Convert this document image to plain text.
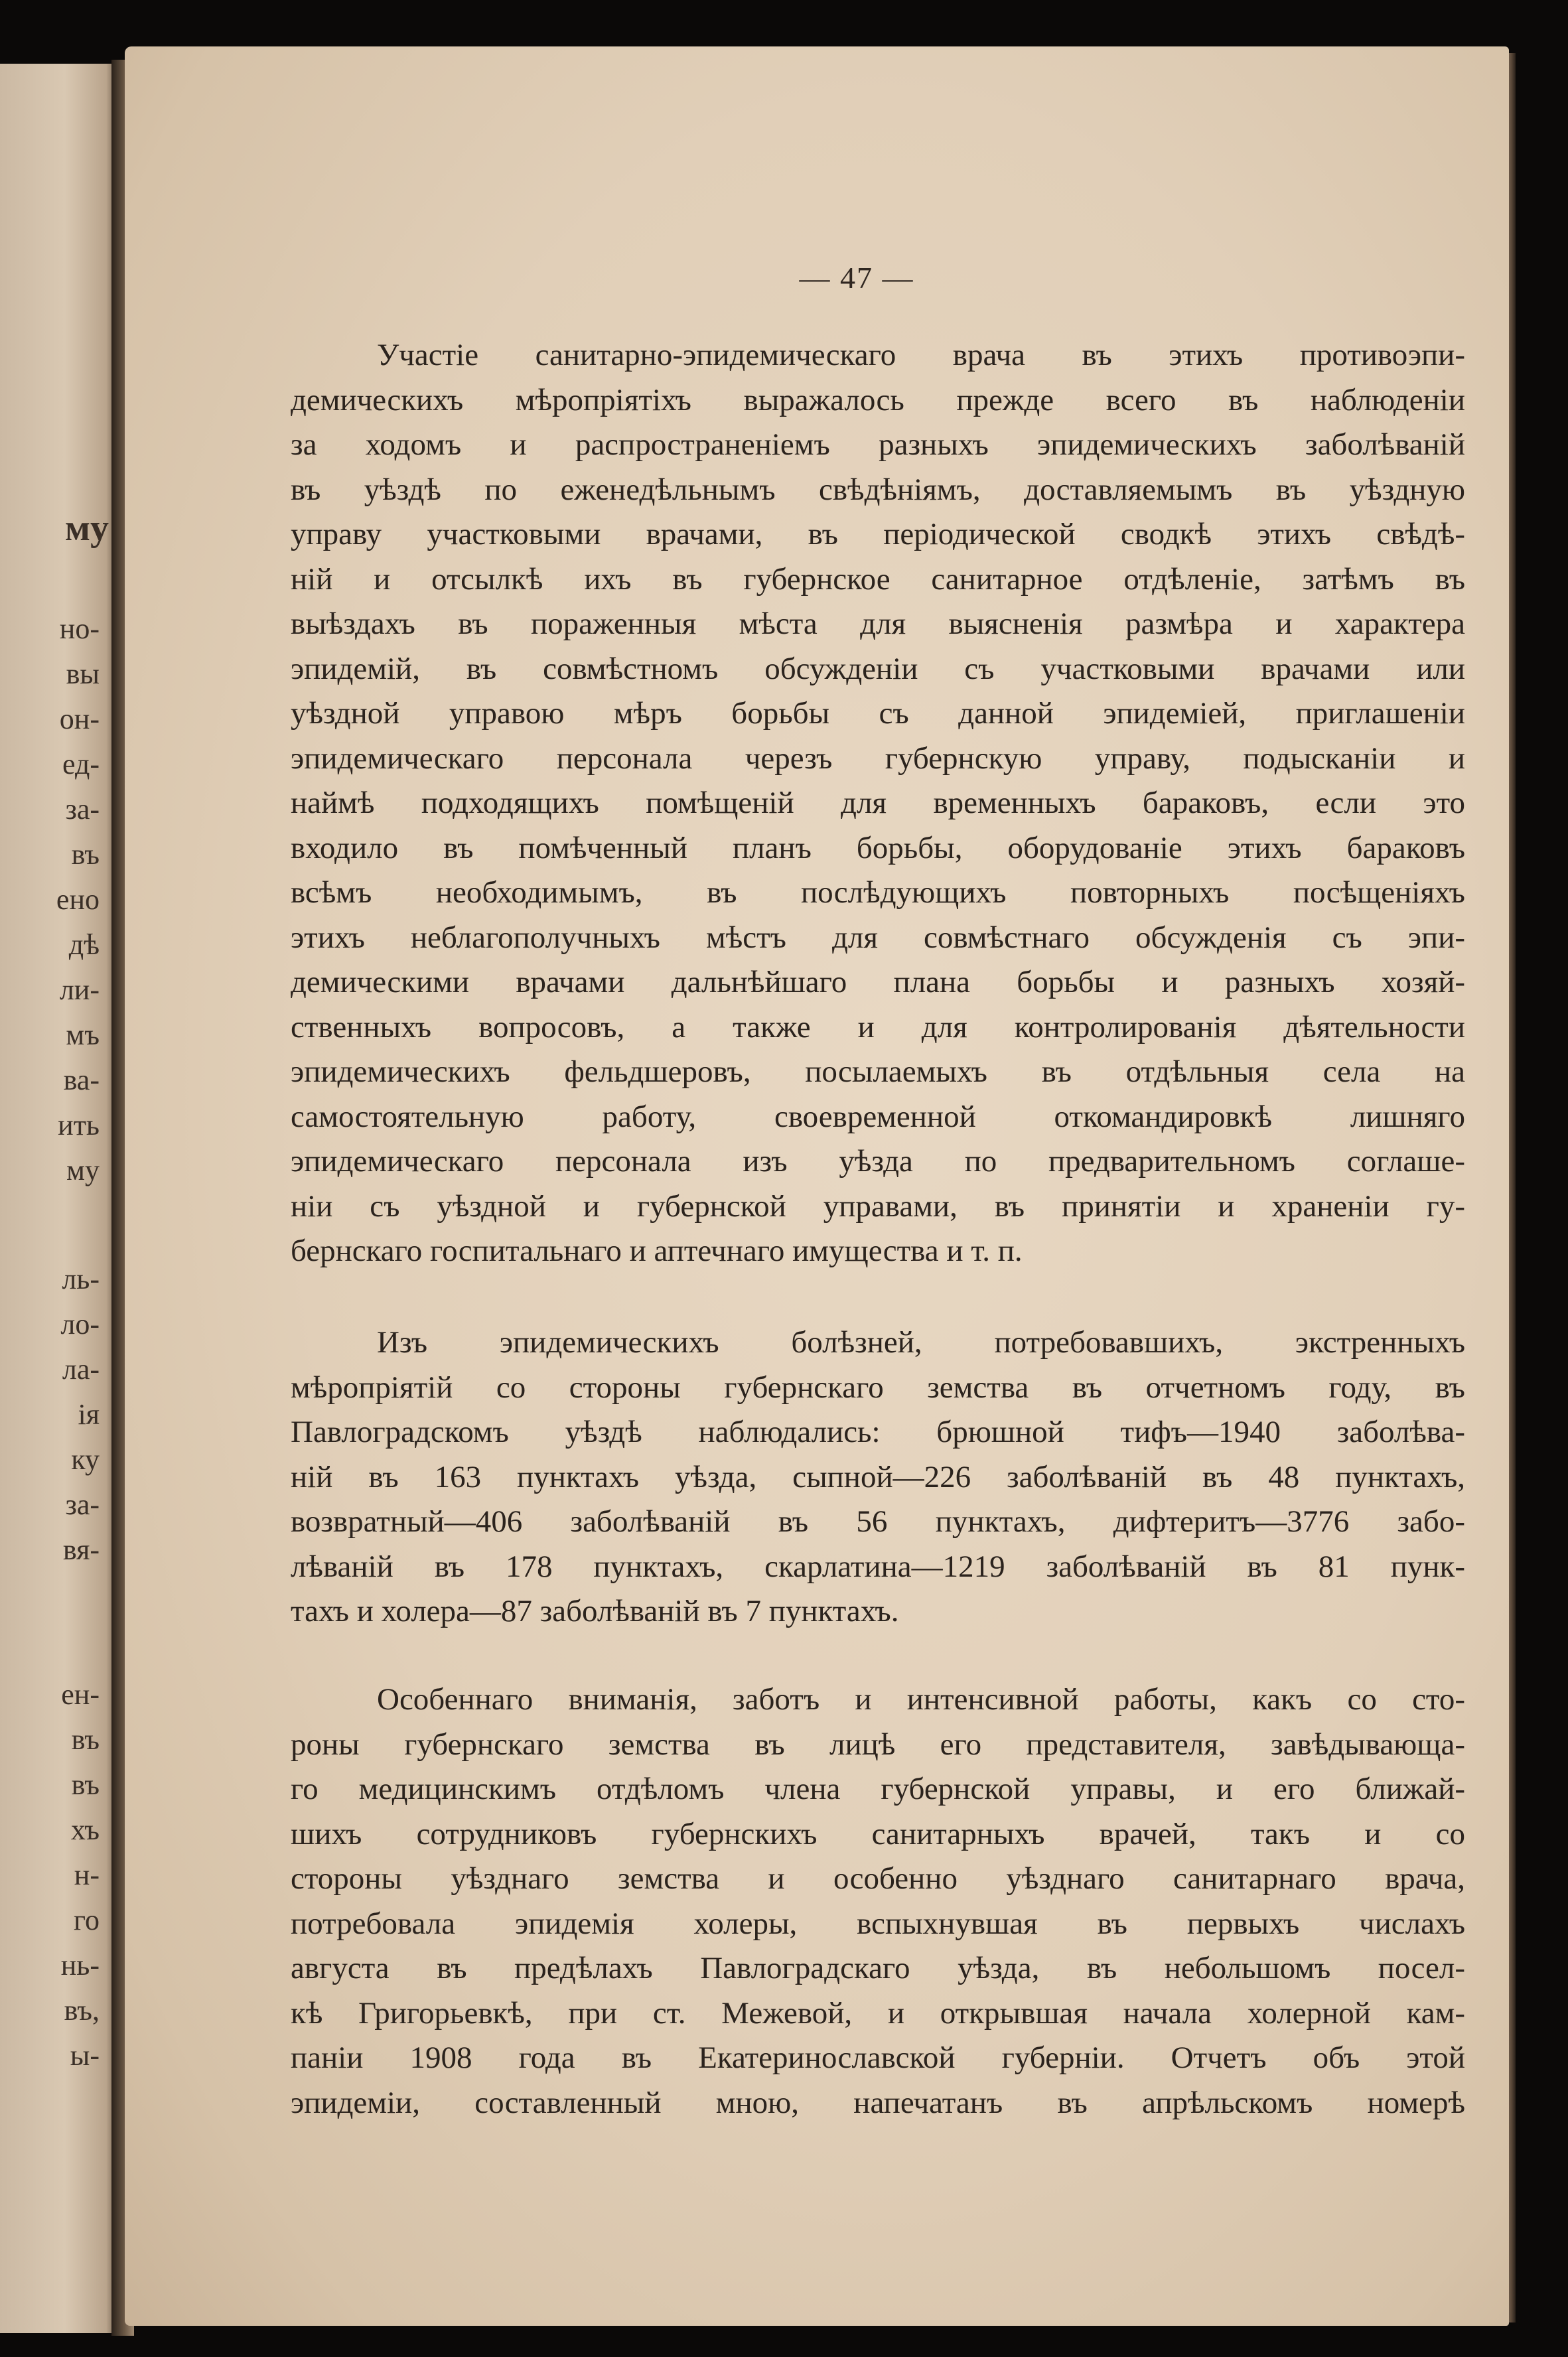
му
но-
вы
он-
ед-
за-
въ
ено
дѣ
ли-
мъ
ва-
ить
му
ль-
ло-
ла-
ія
ку
за-
вя-
ен-
въ
въ
хъ
н-
го
нь-
въ,
ы-
— 47 —
Участіе санитарно-эпидемическаго врача въ этихъ противоэпи-
демическихъ мѣропріятіхъ выражалось прежде всего въ наблюденіи
за ходомъ и распространеніемъ разныхъ эпидемическихъ заболѣваній
въ уѣздѣ по еженедѣльнымъ свѣдѣніямъ, доставляемымъ въ уѣздную
управу участковыми врачами, въ періодической сводкѣ этихъ свѣдѣ-
ній и отсылкѣ ихъ въ губернское санитарное отдѣленіе, затѣмъ въ
выѣздахъ въ пораженныя мѣста для выясненія размѣра и характера
эпидемій, въ совмѣстномъ обсужденіи съ участковыми врачами или
уѣздной управою мѣръ борьбы съ данной эпидеміей, приглашеніи
эпидемическаго персонала черезъ губернскую управу, подысканіи и
наймѣ подходящихъ помѣщеній для временныхъ бараковъ, если это
входило въ помѣченный планъ борьбы, оборудованіе этихъ бараковъ
всѣмъ необходимымъ, въ послѣдующихъ повторныхъ посѣщеніяхъ
этихъ неблагополучныхъ мѣстъ для совмѣстнаго обсужденія съ эпи-
демическими врачами дальнѣйшаго плана борьбы и разныхъ хозяй-
ственныхъ вопросовъ, а также и для контролированія дѣятельности
эпидемическихъ фельдшеровъ, посылаемыхъ въ отдѣльныя села на
самостоятельную работу, своевременной откомандировкѣ лишняго
эпидемическаго персонала изъ уѣзда по предварительномъ соглаше-
ніи съ уѣздной и губернской управами, въ принятіи и храненіи гу-
бернскаго госпитальнаго и аптечнаго имущества и т. п.
Изъ эпидемическихъ болѣзней, потребовавшихъ, экстренныхъ
мѣропріятій со стороны губернскаго земства въ отчетномъ году, въ
Павлоградскомъ уѣздѣ наблюдались: брюшной тифъ—1940 заболѣва-
ній въ 163 пунктахъ уѣзда, сыпной—226 заболѣваній въ 48 пунктахъ,
возвратный—406 заболѣваній въ 56 пунктахъ, дифтеритъ—3776 забо-
лѣваній въ 178 пунктахъ, скарлатина—1219 заболѣваній въ 81 пунк-
тахъ и холера—87 заболѣваній въ 7 пунктахъ.
Особеннаго вниманія, заботъ и интенсивной работы, какъ со сто-
роны губернскаго земства въ лицѣ его представителя, завѣдывающа-
го медицинскимъ отдѣломъ члена губернской управы, и его ближай-
шихъ сотрудниковъ губернскихъ санитарныхъ врачей, такъ и со
стороны уѣзднаго земства и особенно уѣзднаго санитарнаго врача,
потребовала эпидемія холеры, вспыхнувшая въ первыхъ числахъ
августа въ предѣлахъ Павлоградскаго уѣзда, въ небольшомъ посел-
кѣ Григорьевкѣ, при ст. Межевой, и открывшая начала холерной кам-
паніи 1908 года въ Екатеринославской губерніи. Отчетъ объ этой
эпидеміи, составленный мною, напечатанъ въ апрѣльскомъ номерѣ
